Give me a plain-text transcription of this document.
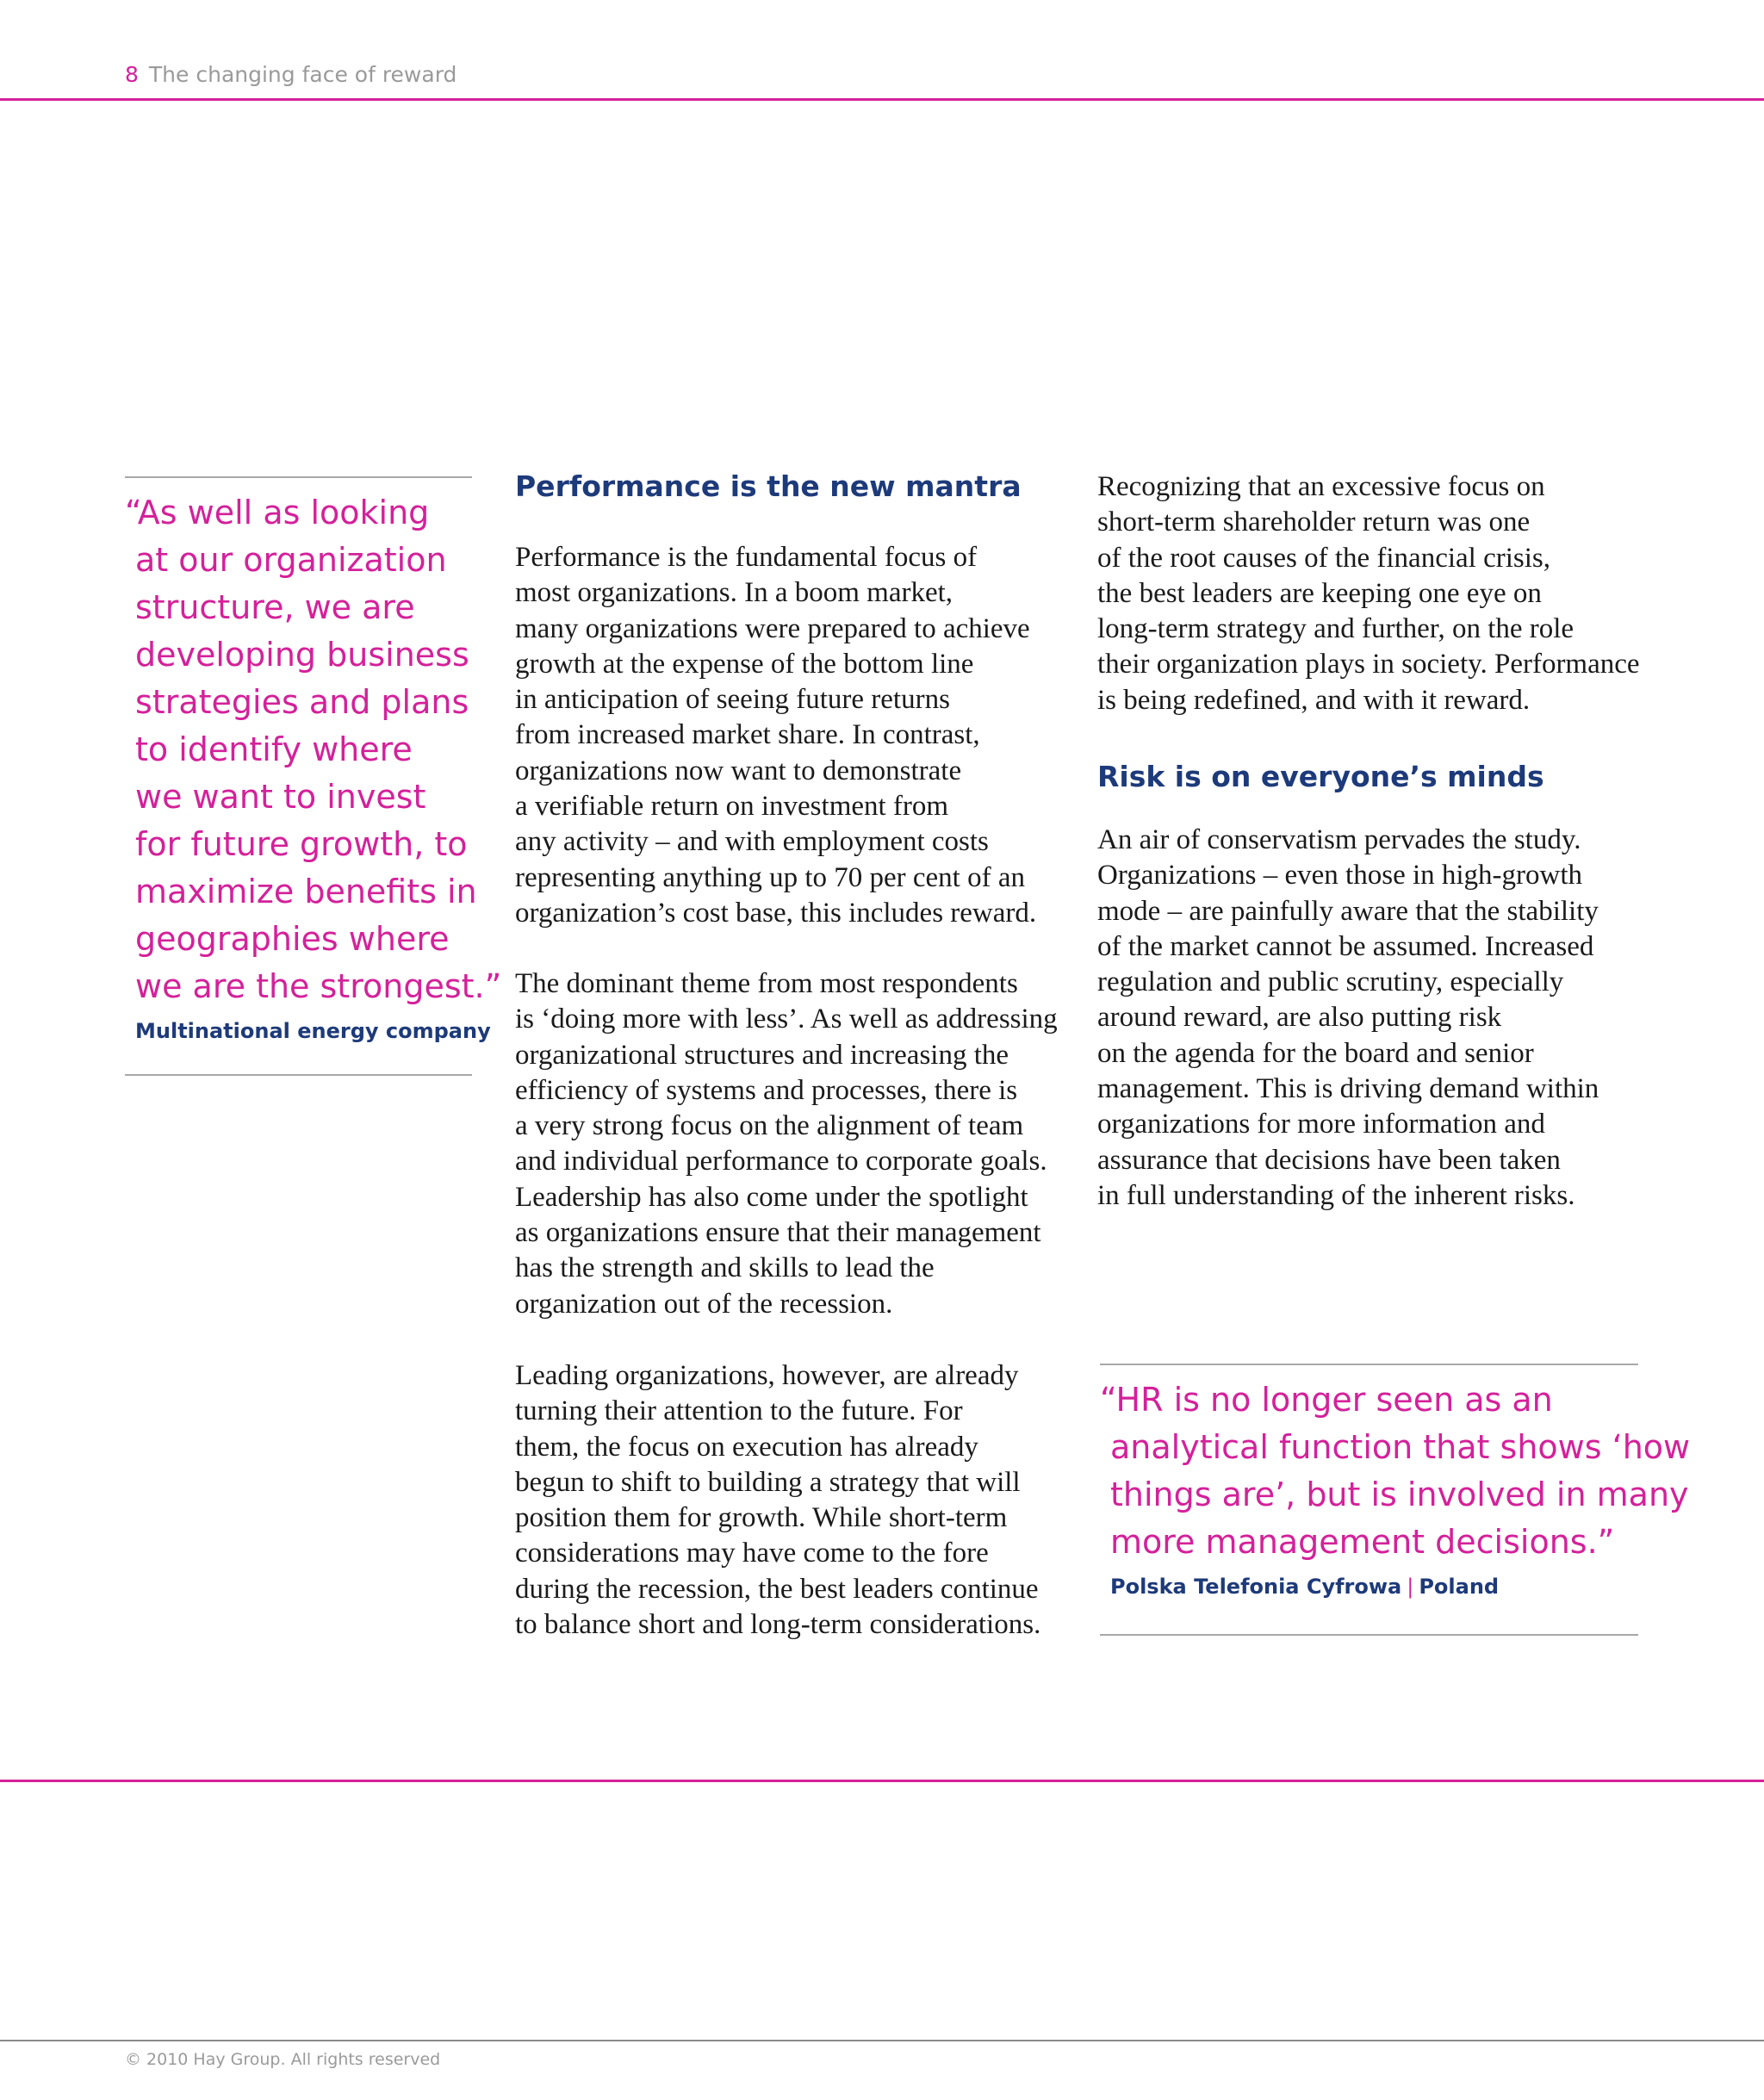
8 The changing face of reward
“As well as looking
at our organization
structure, we are
developing business
strategies and plans
to identify where
we want to invest
for future growth, to
maximize benefits in
geographies where
we are the strongest.”
Multinational energy company
Performance is the new mantra
Performance is the fundamental focus of
most organizations. In a boom market,
many organizations were prepared to achieve
growth at the expense of the bottom line
in anticipation of seeing future returns
from increased market share. In contrast,
organizations now want to demonstrate
a verifiable return on investment from
any activity – and with employment costs
representing anything up to 70 per cent of an
organization’s cost base, this includes reward.
The dominant theme from most respondents
is ‘doing more with less’. As well as addressing
organizational structures and increasing the
efficiency of systems and processes, there is
a very strong focus on the alignment of team
and individual performance to corporate goals.
Leadership has also come under the spotlight
as organizations ensure that their management
has the strength and skills to lead the
organization out of the recession.
Leading organizations, however, are already
turning their attention to the future. For
them, the focus on execution has already
begun to shift to building a strategy that will
position them for growth. While short-term
considerations may have come to the fore
during the recession, the best leaders continue
to balance short and long-term considerations.
Recognizing that an excessive focus on
short-term shareholder return was one
of the root causes of the financial crisis,
the best leaders are keeping one eye on
long-term strategy and further, on the role
their organization plays in society. Performance
is being redefined, and with it reward.
Risk is on everyone’s minds
An air of conservatism pervades the study.
Organizations – even those in high-growth
mode – are painfully aware that the stability
of the market cannot be assumed. Increased
regulation and public scrutiny, especially
around reward, are also putting risk
on the agenda for the board and senior
management. This is driving demand within
organizations for more information and
assurance that decisions have been taken
in full understanding of the inherent risks.
“HR is no longer seen as an
analytical function that shows ‘how
things are’, but is involved in many
more management decisions.”
Polska Telefonia Cyfrowa | Poland
© 2010 Hay Group. All rights reserved
